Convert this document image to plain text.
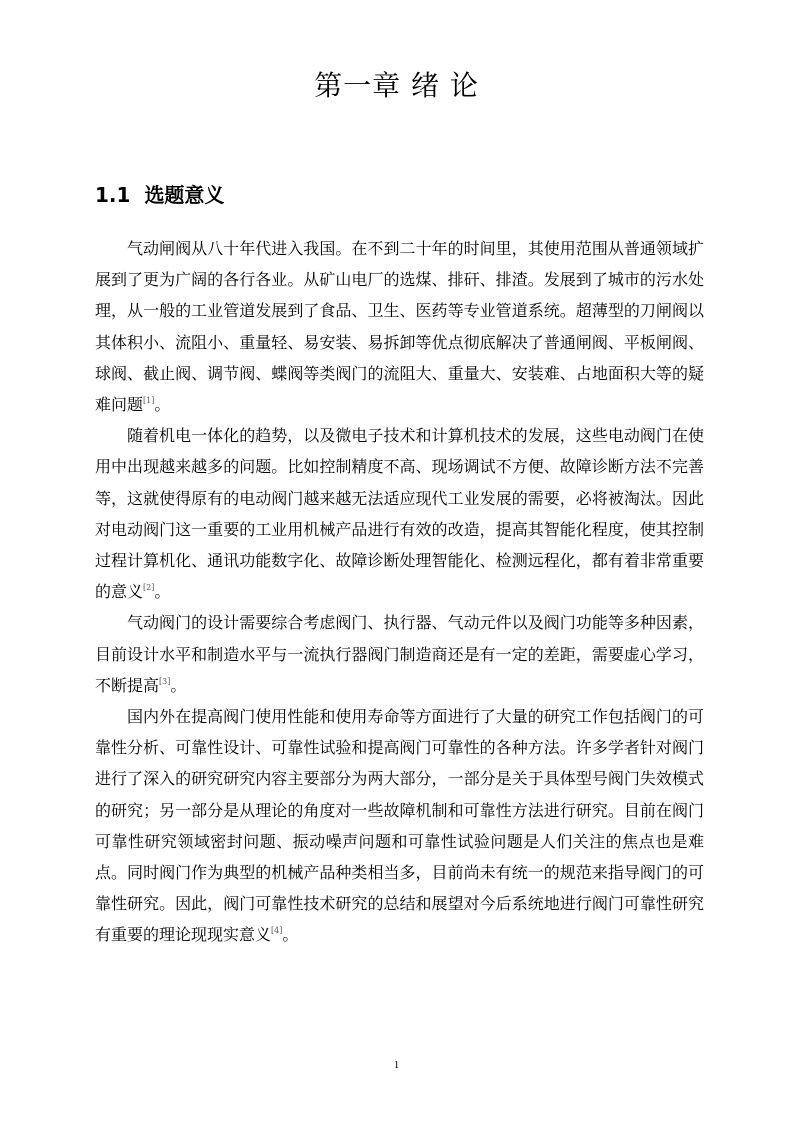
第一章 绪 论
1.1 选题意义

气动闸阀从八十年代进入我国。在不到二十年的时间里，其使用范围从普通领域扩展到了更为广阔的各行各业。从矿山电厂的选煤、排矸、排渣。发展到了城市的污水处理，从一般的工业管道发展到了食品、卫生、医药等专业管道系统。超薄型的刀闸阀以其体积小、流阻小、重量轻、易安装、易拆卸等优点彻底解决了普通闸阀、平板闸阀、球阀、截止阀、调节阀、蝶阀等类阀门的流阻大、重量大、安装难、占地面积大等的疑难问题[1]。

随着机电一体化的趋势，以及微电子技术和计算机技术的发展，这些电动阀门在使用中出现越来越多的问题。比如控制精度不高、现场调试不方便、故障诊断方法不完善等，这就使得原有的电动阀门越来越无法适应现代工业发展的需要，必将被淘汰。因此对电动阀门这一重要的工业用机械产品进行有效的改造，提高其智能化程度，使其控制过程计算机化、通讯功能数字化、故障诊断处理智能化、检测远程化，都有着非常重要的意义[2]。

气动阀门的设计需要综合考虑阀门、执行器、气动元件以及阀门功能等多种因素，目前设计水平和制造水平与一流执行器阀门制造商还是有一定的差距，需要虚心学习，不断提高[3]。

国内外在提高阀门使用性能和使用寿命等方面进行了大量的研究工作包括阀门的可靠性分析、可靠性设计、可靠性试验和提高阀门可靠性的各种方法。许多学者针对阀门进行了深入的研究研究内容主要部分为两大部分，一部分是关于具体型号阀门失效模式的研究；另一部分是从理论的角度对一些故障机制和可靠性方法进行研究。目前在阀门可靠性研究领域密封问题、振动噪声问题和可靠性试验问题是人们关注的焦点也是难点。同时阀门作为典型的机械产品种类相当多，目前尚未有统一的规范来指导阀门的可靠性研究。因此，阀门可靠性技术研究的总结和展望对今后系统地进行阀门可靠性研究有重要的理论现现实意义[4]。

1
